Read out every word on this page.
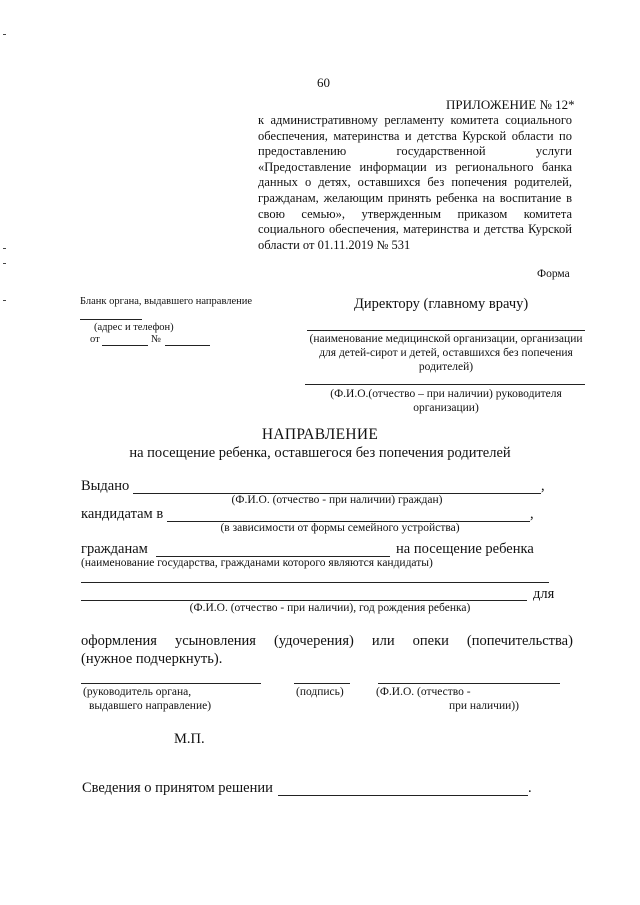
60
ПРИЛОЖЕНИЕ № 12*
к административному регламенту комитета социального
обеспечения, материнства и детства Курской области по
предоставлению государственной услуги
«Предоставление информации из регионального банка
данных о детях, оставшихся без попечения родителей,
гражданам, желающим принять ребенка на воспитание в
свою семью», утвержденным приказом комитета
социального обеспечения, материнства и детства Курской
области от 01.11.2019 № 531
Форма
Бланк органа, выдавшего направление
(адрес и телефон)
от	№
Директору (главному врачу)
(наименование медицинской организации, организации
для детей-сирот и детей, оставшихся без попечения
родителей)
(Ф.И.О.(отчество – при наличии) руководителя
организации)
НАПРАВЛЕНИЕ
на посещение ребенка, оставшегося без попечения родителей
Выдано	,
(Ф.И.О. (отчество - при наличии) граждан)
кандидатам в	,
(в зависимости от формы семейного устройства)
гражданам	на посещение ребенка
(наименование государства, гражданами которого являются кандидаты)
для
(Ф.И.О. (отчество - при наличии), год рождения ребенка)
оформления усыновления (удочерения) или опеки (попечительства)
(нужное подчеркнуть).
(руководитель органа,
выдавшего направление)
(подпись)	(Ф.И.О. (отчество -
при наличии))
М.П.
Сведения о принятом решении	.
